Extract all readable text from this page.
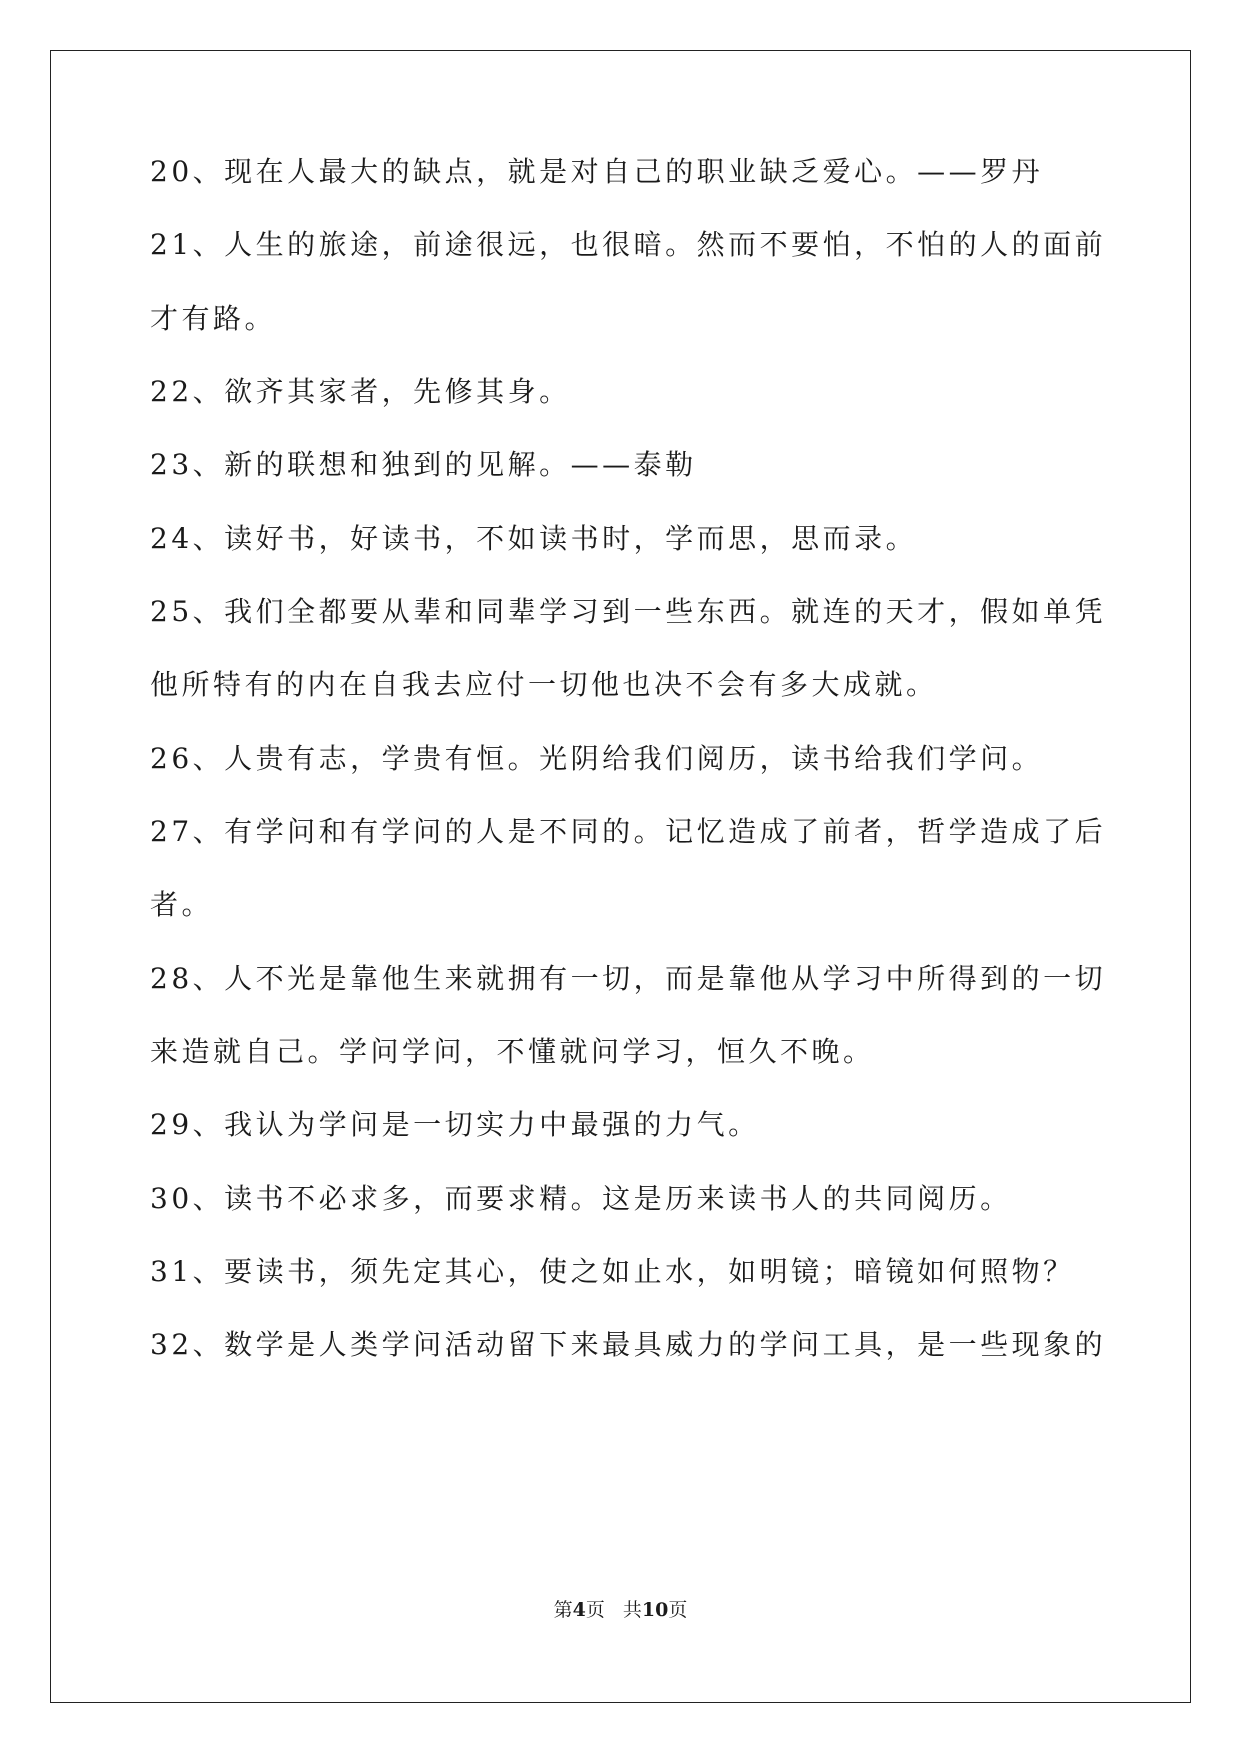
20、现在人最大的缺点，就是对自己的职业缺乏爱心。——罗丹
21、人生的旅途，前途很远，也很暗。然而不要怕，不怕的人的面前
才有路。
22、欲齐其家者，先修其身。
23、新的联想和独到的见解。——泰勒
24、读好书，好读书，不如读书时，学而思，思而录。
25、我们全都要从辈和同辈学习到一些东西。就连的天才，假如单凭
他所特有的内在自我去应付一切他也决不会有多大成就。
26、人贵有志，学贵有恒。光阴给我们阅历，读书给我们学问。
27、有学问和有学问的人是不同的。记忆造成了前者，哲学造成了后
者。
28、人不光是靠他生来就拥有一切，而是靠他从学习中所得到的一切
来造就自己。学问学问，不懂就问学习，恒久不晚。
29、我认为学问是一切实力中最强的力气。
30、读书不必求多，而要求精。这是历来读书人的共同阅历。
31、要读书，须先定其心，使之如止水，如明镜；暗镜如何照物？
32、数学是人类学问活动留下来最具威力的学问工具，是一些现象的
第4页 共10页
